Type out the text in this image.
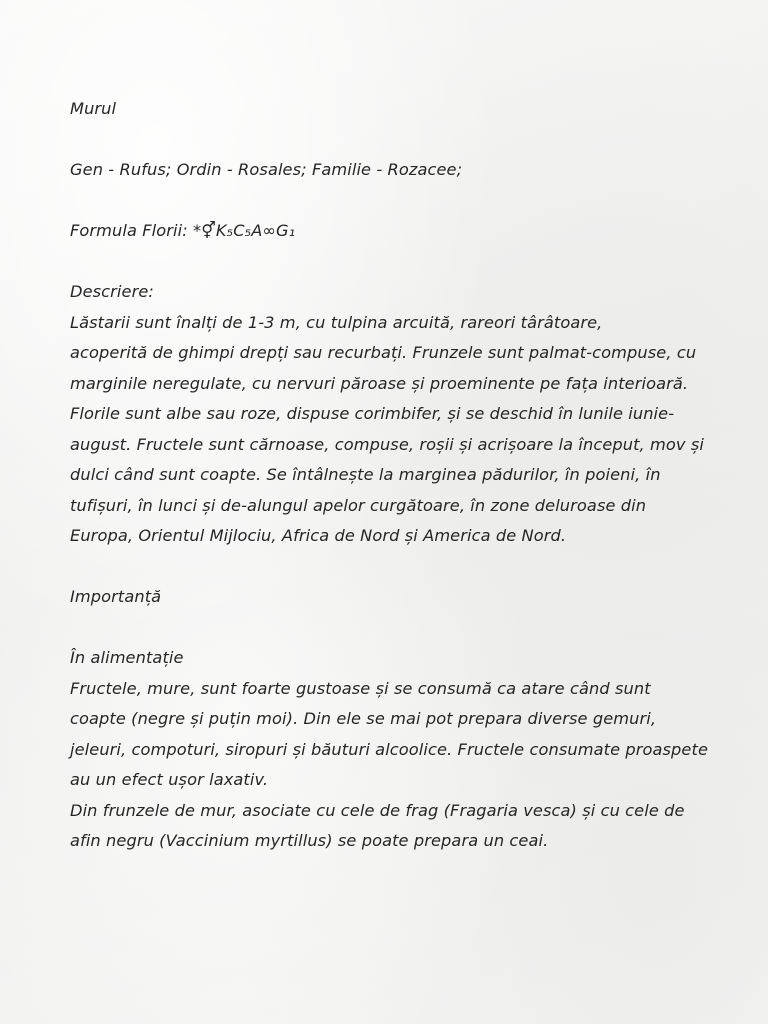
Murul
Gen - Rufus; Ordin - Rosales; Familie - Rozacee;
Formula Florii: *⚥K₅C₅A∞G₁
Descriere:
Lăstarii sunt înalți de 1-3 m, cu tulpina arcuită, rareori târâtoare,
acoperită de ghimpi drepți sau recurbați. Frunzele sunt palmat-compuse, cu
marginile neregulate, cu nervuri păroase și proeminente pe fața interioară.
Florile sunt albe sau roze, dispuse corimbifer, și se deschid în lunile iunie-
august. Fructele sunt cărnoase, compuse, roșii și acrișoare la început, mov și
dulci când sunt coapte. Se întâlnește la marginea pădurilor, în poieni, în
tufișuri, în lunci și de-alungul apelor curgătoare, în zone deluroase din
Europa, Orientul Mijlociu, Africa de Nord și America de Nord.
Importanță
În alimentație
Fructele, mure, sunt foarte gustoase și se consumă ca atare când sunt
coapte (negre și puțin moi). Din ele se mai pot prepara diverse gemuri,
jeleuri, compoturi, siropuri și băuturi alcoolice. Fructele consumate proaspete
au un efect ușor laxativ.
Din frunzele de mur, asociate cu cele de frag (Fragaria vesca) și cu cele de
afin negru (Vaccinium myrtillus) se poate prepara un ceai.
